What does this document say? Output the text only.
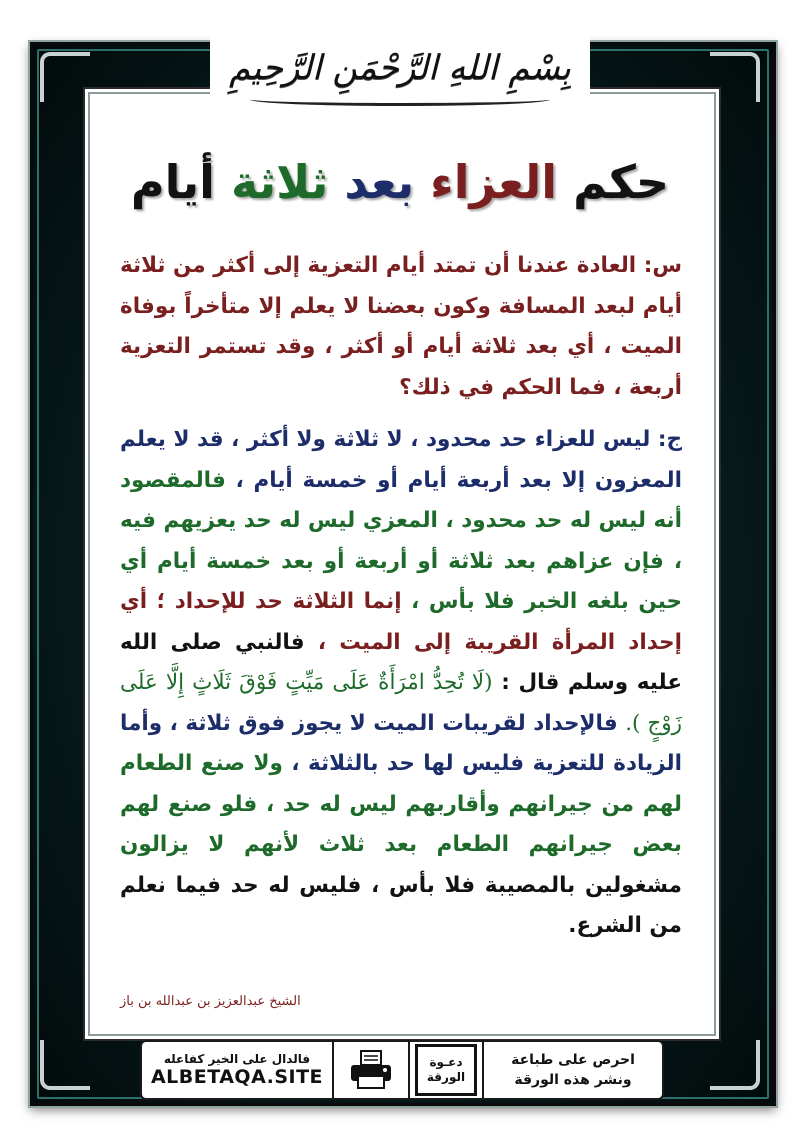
بِسْمِ اللهِ الرَّحْمَنِ الرَّحِيمِ
حكم العزاء بعد ثلاثة أيام

س: العادة عندنا أن تمتد أيام التعزية إلى أكثر من ثلاثة أيام لبعد المسافة وكون بعضنا لا يعلم إلا متأخراً بوفاة الميت ، أي بعد ثلاثة أيام أو أكثر ، وقد تستمر التعزية أربعة ، فما الحكم في ذلك؟

ج: ليس للعزاء حد محدود ، لا ثلاثة ولا أكثر ، قد لا يعلم المعزون إلا بعد أربعة أيام أو خمسة أيام ، فالمقصود أنه ليس له حد محدود ، المعزي ليس له حد يعزيهم فيه ، فإن عزاهم بعد ثلاثة أو أربعة أو بعد خمسة أيام أي حين بلغه الخبر فلا بأس ، إنما الثلاثة حد للإحداد ؛ أي إحداد المرأة القريبة إلى الميت ، فالنبي صلى الله عليه وسلم قال : (لَا تُحِدُّ امْرَأَةٌ عَلَى مَيِّتٍ فَوْقَ ثَلَاثٍ إِلَّا عَلَى زَوْجٍ ). فالإحداد لقريبات الميت لا يجوز فوق ثلاثة ، وأما الزيادة للتعزية فليس لها حد بالثلاثة ، ولا صنع الطعام لهم من جيرانهم وأقاربهم ليس له حد ، فلو صنع لهم بعض جيرانهم الطعام بعد ثلاث لأنهم لا يزالون مشغولين بالمصيبة فلا بأس ، فليس له حد فيما نعلم من الشرع.

الشيخ عبدالعزيز بن عبدالله بن باز
فالدال على الخير كفاعله
ALBETAQA.SITE
دعـوة
الورقة
احرص على طباعة
ونشر هذه الورقة
